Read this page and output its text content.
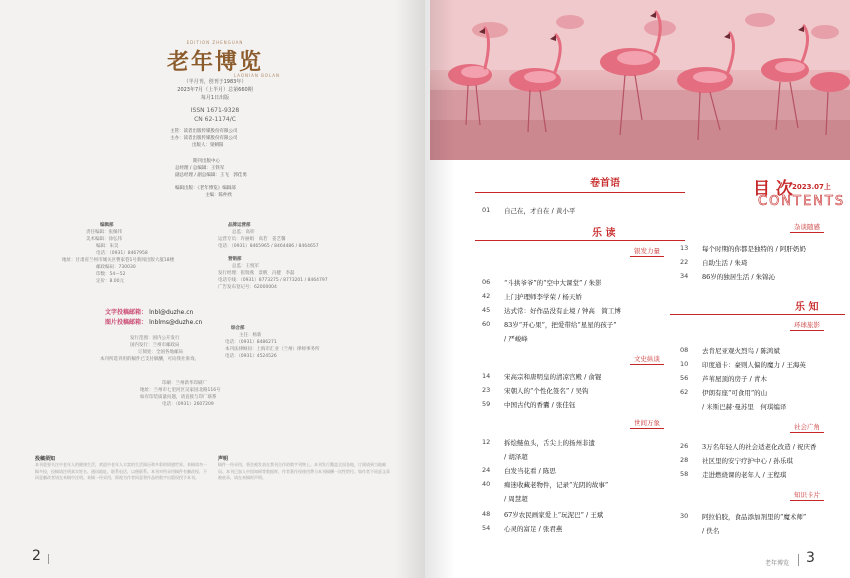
EDITION ZHENGUAN
老年博览
LAONIAN BOLAN
（半月刊，创刊于1983年）
2023年7月（上半月）总第660期
每月1日出版
ISSN 1671-9328
CN 62-1174/C
主管：读者出版传媒股份有限公司
主办：读者出版传媒股份有限公司
出版人：梁朝阳
期刊出版中心
总经理 / 总编辑：王铁军
副总经理 / 副总编辑：王飞　郭佳勇
编辑出版：《老年博览》编辑部
主编：陈仲欣
编辑部
责任编辑：张佩伟
美术编辑：徐弘伟
编辑：朱昊
电话：（0931）8467958
地址：甘肃省兰州市城关区曹家巷1号新闻出版大厦18楼
邮政编码：730030
印数：54—52
定价：8.00元
品牌运营部
总监：高卯
运营专员：许丽娟　高若　姜艺馨
电话：（0931）8465965 / 8464486 / 8464657
营销部
总监：王悦军
发行经理：崔瑞燕　景帆　冯健　李磊
电话专线：（0931）8773275 / 8773201 / 8464797
广告发布登记号：62000004
文字投稿邮箱： lnbl@duzhe.cn
图片投稿邮箱： lnblms@duzhe.cn
发行范围：国内公开发行
国内发行：兰州市邮政局
订阅处：全国各地邮局
本刊所选刊用的稿件已支付稿酬，可向我社垂询。
综合部
主任：杨新
电话：（0931）8486271
本刊法律顾问：上海市汇业（兰州）律师事务所
电话：（0931）4524526
印刷：兰州新华印刷厂
地址：兰州市七里河区吴家园北路116号
如有印装质量问题，请直接与印厂联系
电话：（0931）2607209
投稿须知
本刊重要关注中老年人的健康生活，欢迎中老年人丰富的生活阅历和多彩的情感世界。来稿请勿一稿多投，投稿请注明真实姓名、通讯地址、联系电话，以便联系。本刊对所采用稿件有删改权，不同意删改者请在来稿中注明。来稿一经采用，即视为作者同意将作品的数字出版权授予本刊。
声明
稿件一经采用，将会被发表在我刊合作的数字刊物上。本刊发行覆盖全国各地，订阅请到当地邮局。本刊已加入中国知网等数据库，作者著作权使用费与本刊稿酬一次性给付。如作者不同意文章被收录，请在来稿时声明。
2
卷首语
01	自己在，才自在 / 黄小平
目 次 2023.07上
CONTENTS
乐 读
银发力量
06	“斗拱爷爷”的“空中大课堂” / 朱影
42	上门护理师李学荣 / 杨天娇
45	达式常：好作品没有止境 / 钟高　简工博
60	83岁“开心果”，把爱带给“星星的孩子”
/ 严峻峰
文史纵谈
14	宋高宗和唐明皇的清凉宫殿 / 俞锟
23	宋朝人的“个性化签名” / 吴钩
59	中国古代的香囊 / 张佳钰
世间万象
12	拆烩鲢鱼头，舌尖上的扬州非遗
/ 胡泽超
24	白发当花看 / 陈思
40	痴迷收藏老物件，记录“光阴的故事”
/ 周慧超
48	67岁农民画家爱上“玩泥巴” / 王斌
54	心灵的富足 / 张君燕
杂谈随感
13	每个时期的你都是独特的 / 阿肝奶奶
22	自助生活 / 朱琦
34	86岁的独居生活 / 朱锦沁
乐 知
环球旅影
08	去肯尼亚观火烈鸟 / 陈鸿斌
10	印度通卡：豪则人偏的魔力 / 王海英
56	芦苇屋顶的房子 / 青木
62	伊朗有座“可食用”的山
/ 米斯巴赫·曼苏里　何琪编译
社会广角
26	3万名年轻人的社会适老化改造 / 祝庆香
28	社区里的安宁疗护中心 / 孙乐琪
58	走进燃烧课的老年人 / 王程琪
知识卡片
30	阿拉伯胶，食品添加剂里的“魔术师”
/ 佚名
老年博览 3
